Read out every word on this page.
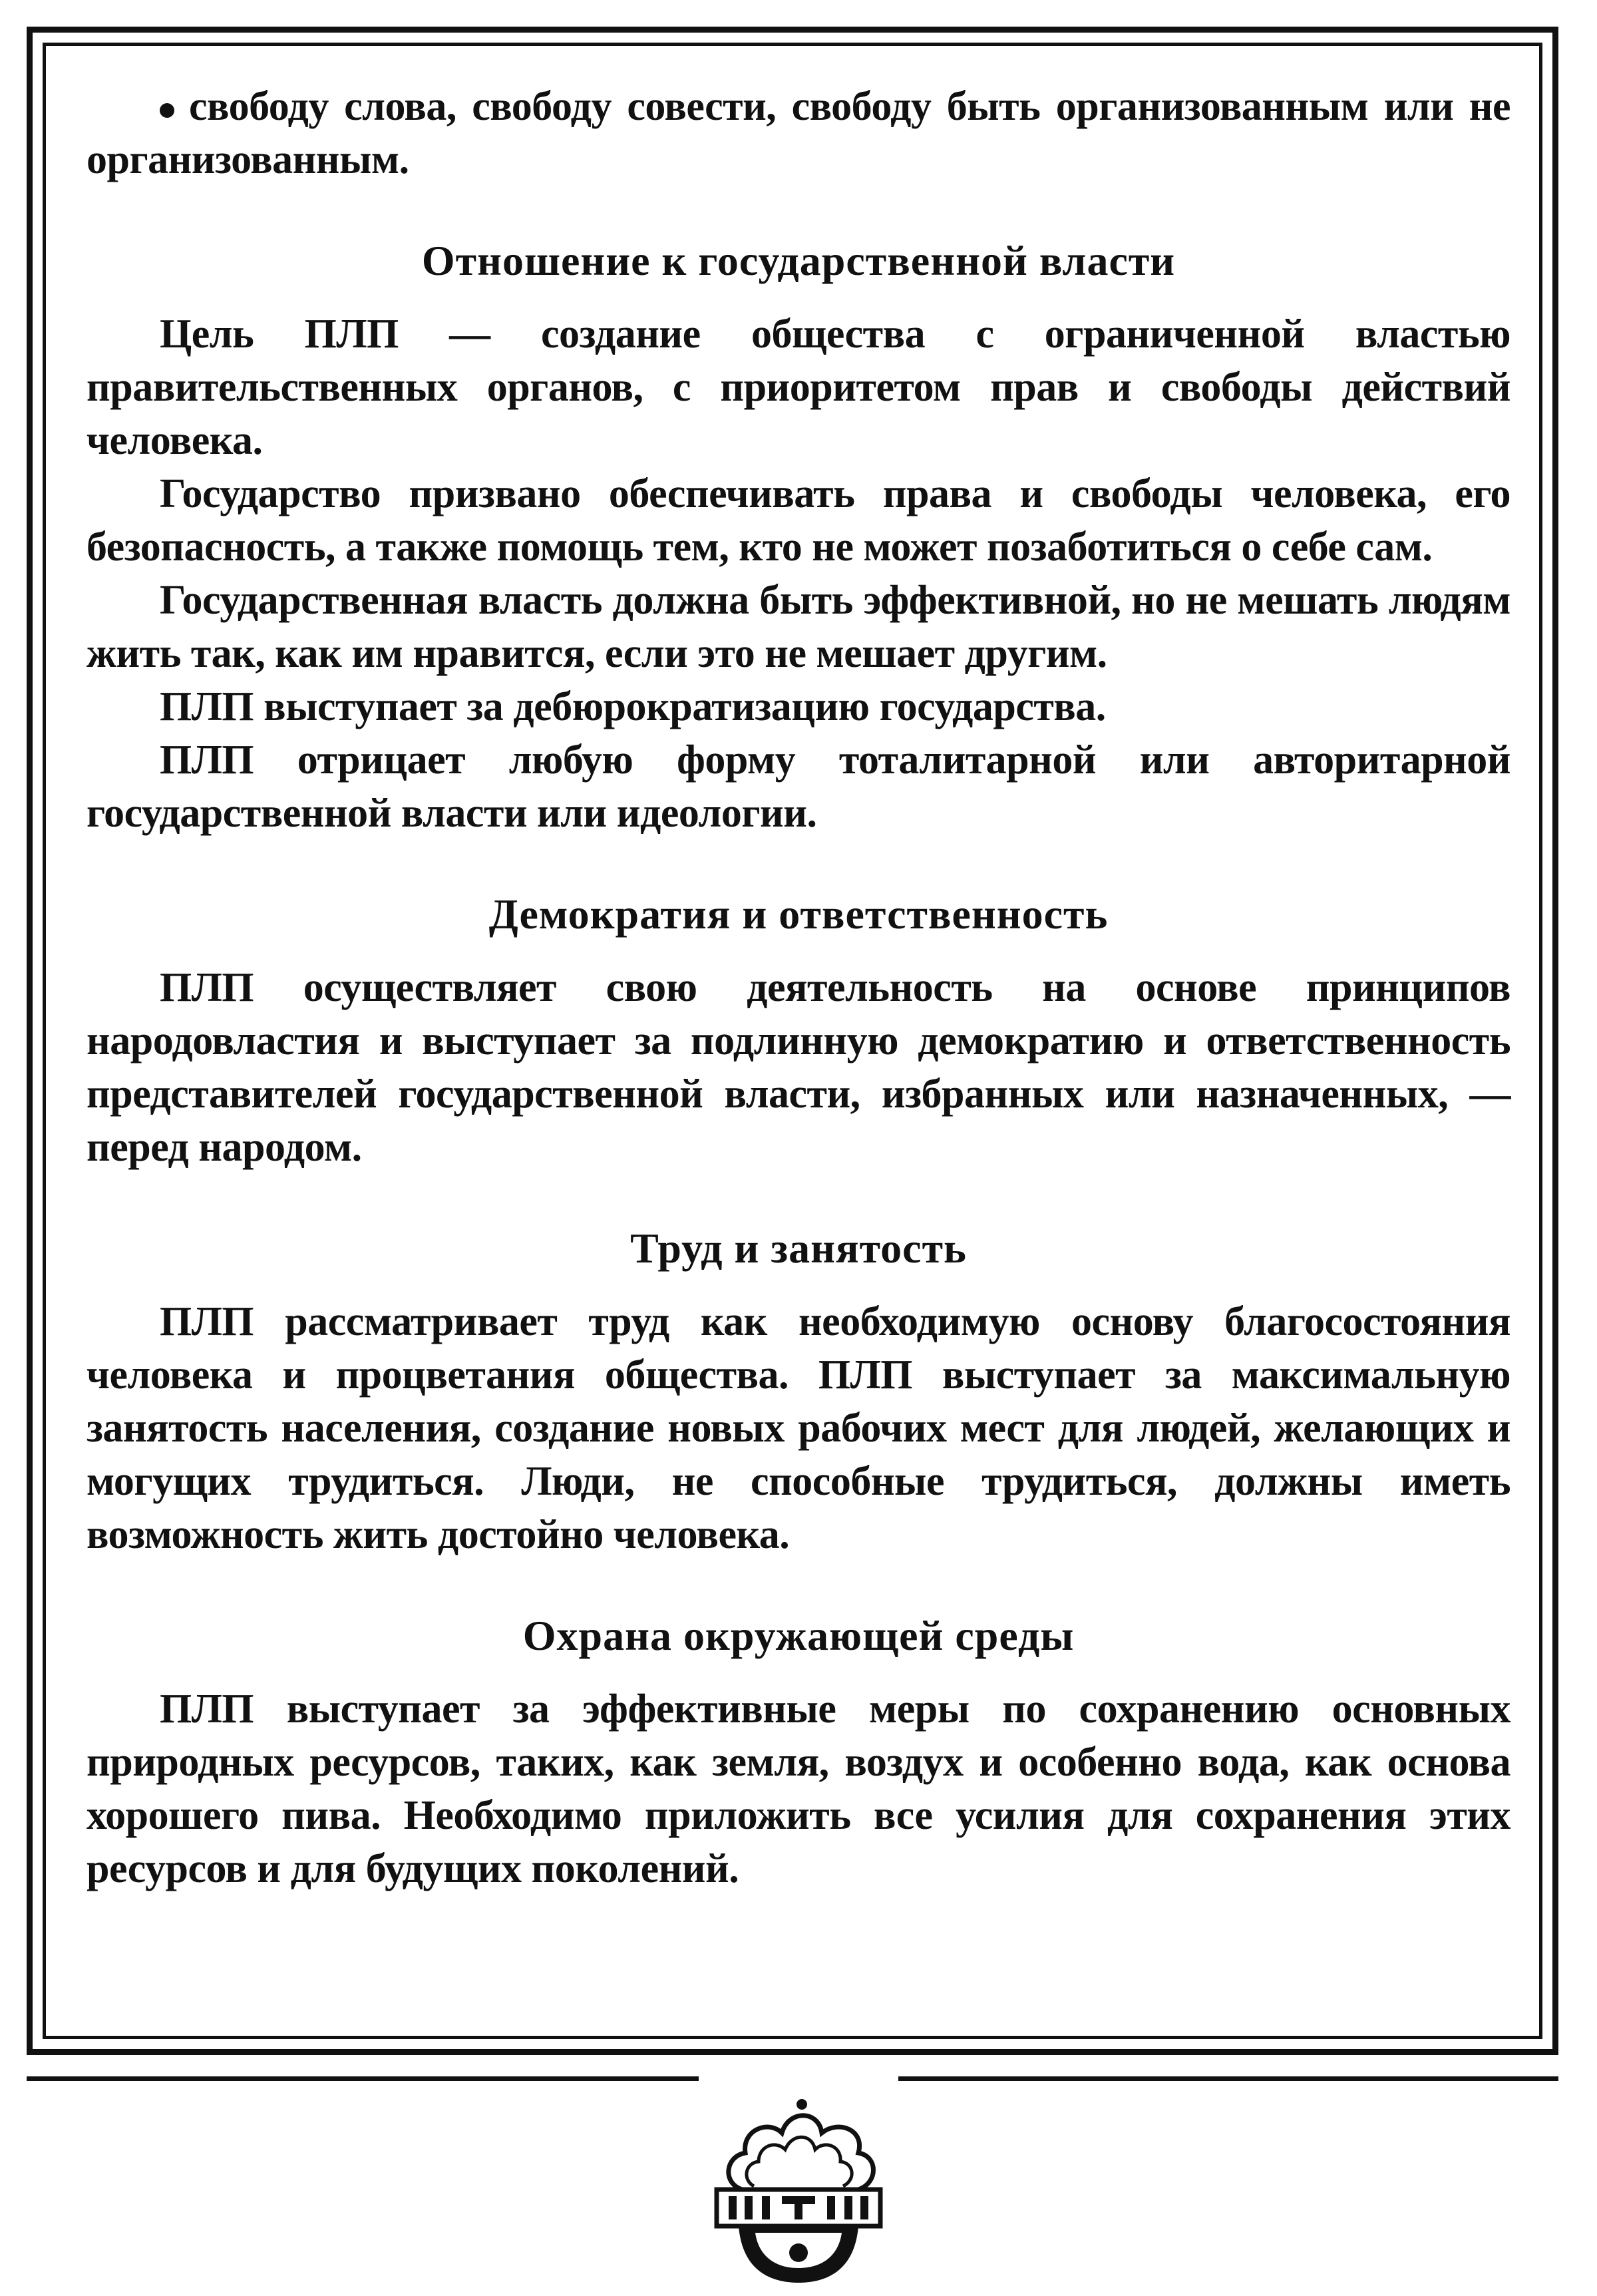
свободу слова, свободу совести, свободу быть организованным или не организованным.

Отношение к государственной власти

Цель ПЛП — создание общества с ограниченной властью правительственных органов, с приоритетом прав и свободы действий человека.

Государство призвано обеспечивать права и свободы человека, его безопасность, а также помощь тем, кто не может позаботиться о себе сам.

Государственная власть должна быть эффективной, но не мешать людям жить так, как им нравится, если это не мешает другим.

ПЛП выступает за дебюрократизацию государства.

ПЛП отрицает любую форму тоталитарной или авторитарной государственной власти или идеологии.

Демократия и ответственность

ПЛП осуществляет свою деятельность на основе принципов народовластия и выступает за подлинную демократию и ответственность представителей государственной власти, избранных или назначенных, — перед народом.

Труд и занятость

ПЛП рассматривает труд как необходимую основу благосостояния человека и процветания общества. ПЛП выступает за максимальную занятость населения, создание новых рабочих мест для людей, желающих и могущих трудиться. Люди, не способные трудиться, должны иметь возможность жить достойно человека.

Охрана окружающей среды

ПЛП выступает за эффективные меры по сохранению основных природных ресурсов, таких, как земля, воздух и особенно вода, как основа хорошего пива. Необходимо приложить все усилия для сохранения этих ресурсов и для будущих поколений.
